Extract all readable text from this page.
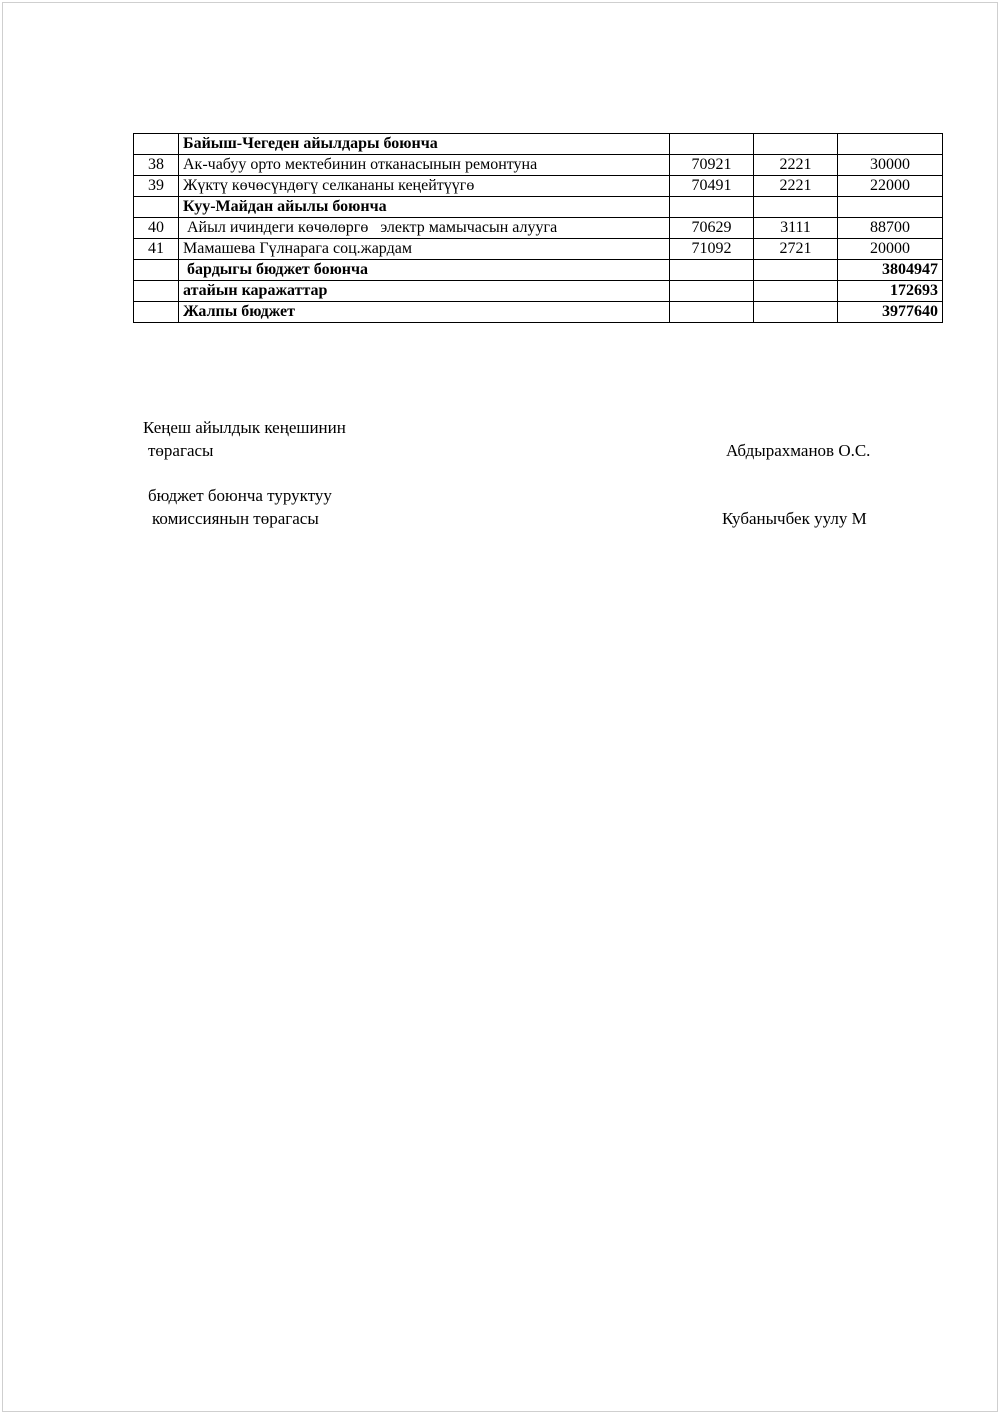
	Байыш-Чегеден айылдары боюнча			
38	Ак-чабуу орто мектебинин отканасынын ремонтуна	70921	2221	30000
39	Жүктү көчөсүндөгү селкананы кеңейтүүгө	70491	2221	22000
	Куу-Майдан айылы боюнча			
40	Айыл ичиндеги көчөлөргө   электр мамычасын алууга	70629	3111	88700
41	Мамашева Гүлнарага соц.жардам	71092	2721	20000
	бардыгы бюджет боюнча			3804947
	атайын каражаттар			172693
	Жалпы бюджет			3977640
Кеңеш айылдык кеңешинин
төрагасы	Абдырахманов О.С.
бюджет боюнча туруктуу
комиссиянын төрагасы	Кубанычбек уулу М
